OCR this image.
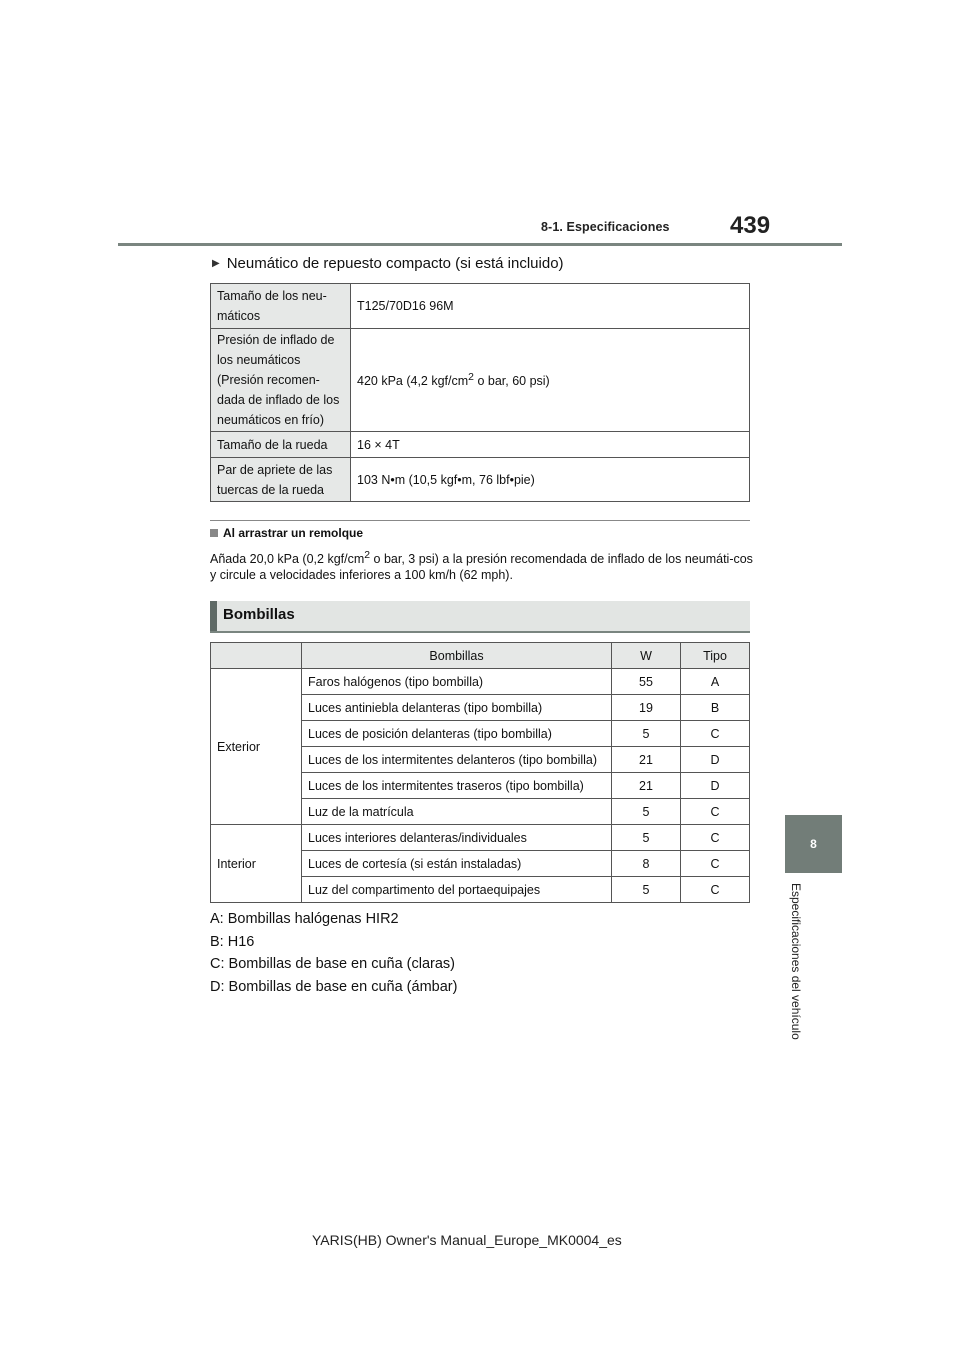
8-1. Especificaciones	439
8
Especificaciones del vehículo
▶ Neumático de repuesto compacto (si está incluido)
Tamaño de los neu-
máticos	T125/70D16 96M
Presión de inflado de
los neumáticos
(Presión recomen-
dada de inflado de los
neumáticos en frío)	420 kPa (4,2 kgf/$cm^2$ o bar, 60 psi)
Tamaño de la rueda	16 × 4T
Par de apriete de las
tuercas de la rueda	103 N•m (10,5 kgf•m, 76 lbf•pie)
Al arrastrar un remolque
Añada 20,0 kPa (0,2 kgf/$cm^2$ o bar, 3 psi) a la presión recomendada de inflado de los neumáti-cos y circule a velocidades inferiores a 100 km/h (62 mph).
Bombillas
	Bombillas	W	Tipo
Exterior	Faros halógenos (tipo bombilla)	55	A
	Luces antiniebla delanteras (tipo bombilla)	19	B
	Luces de posición delanteras (tipo bombilla)	5	C
	Luces de los intermitentes delanteros (tipo bombilla)	21	D
	Luces de los intermitentes traseros (tipo bombilla)	21	D
	Luz de la matrícula	5	C
Interior	Luces interiores delanteras/individuales	5	C
	Luces de cortesía (si están instaladas)	8	C
	Luz del compartimento del portaequipajes	5	C
A: Bombillas halógenas HIR2
B: H16
C: Bombillas de base en cuña (claras)
D: Bombillas de base en cuña (ámbar)
YARIS(HB) Owner's Manual_Europe_MK0004_es
